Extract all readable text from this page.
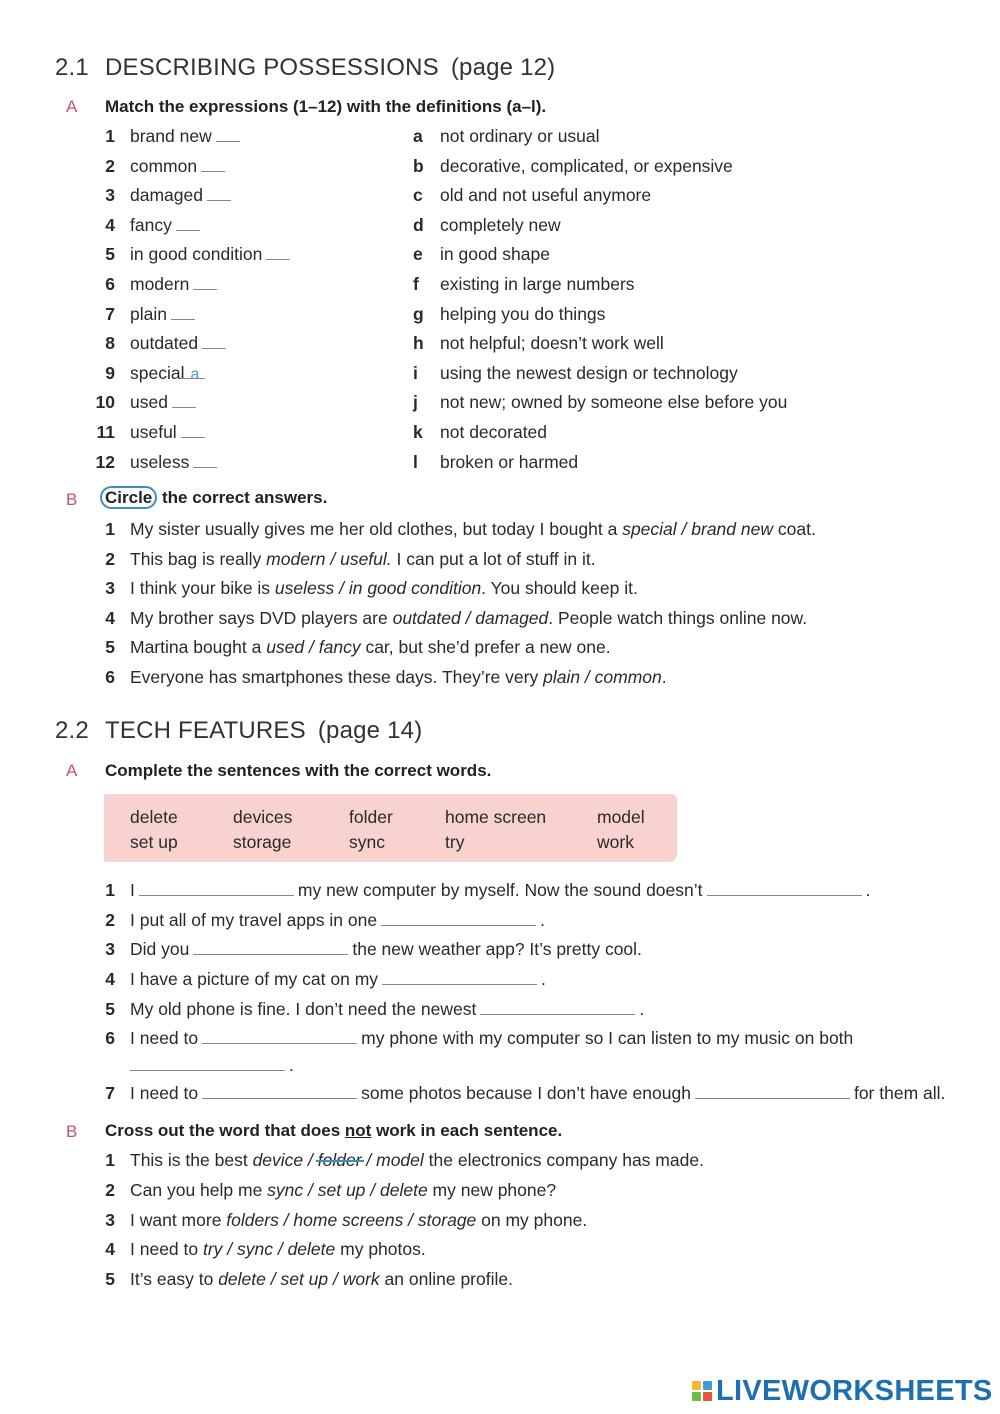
2.1 DESCRIBING POSSESSIONS (page 12)
A Match the expressions (1–12) with the definitions (a–l).
1 brand new	a not ordinary or usual
2 common	b decorative, complicated, or expensive
3 damaged	c old and not useful anymore
4 fancy	d completely new
5 in good condition	e in good shape
6 modern	f	existing in large numbers
7 plain	g helping you do things
8 outdated	h not helpful; doesn’t work well
9 special a	i	using the newest design or technology
10 used	j	not new; owned by someone else before you
11 useful	k not decorated
12 useless	l	broken or harmed
B Circle the correct answers.
1 My sister usually gives me her old clothes, but today I bought a special / brand new coat.
2 This bag is really modern / useful. I can put a lot of stuff in it.
3 I think your bike is useless / in good condition. You should keep it.
4 My brother says DVD players are outdated / damaged. People watch things online now.
5 Martina bought a used / fancy car, but she’d prefer a new one.
6 Everyone has smartphones these days. They’re very plain / common.
2.2 TECH FEATURES (page 14)
A Complete the sentences with the correct words.
delete	devices	folder	home screen	model
set up	storage	sync	try	work
1 I	my new computer by myself. Now the sound doesn’t	.
2 I put all of my travel apps in one	.
3 Did you	the new weather app? It’s pretty cool.
4 I have a picture of my cat on my	.
5 My old phone is fine. I don’t need the newest	.
6 I need to	my phone with my computer so I can listen to my music on both
.
7 I need to	some photos because I don’t have enough	for them all.
B Cross out the word that does not work in each sentence.
1 This is the best device / folder / model the electronics company has made.
2 Can you help me sync / set up / delete my new phone?
3 I want more folders / home screens / storage on my phone.
4 I need to try / sync / delete my photos.
5 It’s easy to delete / set up / work an online profile.
LIVEWORKSHEETS
